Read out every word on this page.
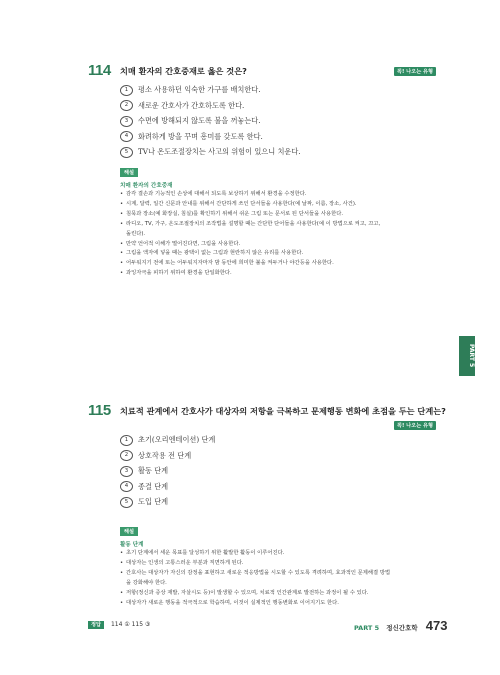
114 치매 환자의 간호중재로 옳은 것은?	꼭! 나오는 유형
1 평소 사용하던 익숙한 가구를 배치한다.
2 새로운 간호사가 간호하도록 한다.
3 수면에 방해되지 않도록 불을 꺼놓는다.
4 화려하게 방을 꾸며 흥미를 갖도록 한다.
5 TV나 온도조절장치는 사고의 위험이 있으니 치운다.
해설
치매 환자의 간호중재
• 감각 결손과 기능적인 손상에 대해서 되도록 보상하기 위해서 환경을 수정한다.
• 시계, 달력, 일간 신문과 안내를 위해서 간단하게 쓰인 단서들을 사용한다(예 날짜, 이름, 장소, 사건).
• 침묵과 장소(예 화장실, 침실)를 확인하기 위해서 쉬운 그림 또는 문서로 된 단서들을 사용한다.
• 라디오, TV, 가구, 온도조절장치의 조작법을 설명할 때는 간단한 단어들을 사용한다(예 이 방법으로 켜고, 끄고,
돌린다).
• 만약 언어적 이해가 떨어진다면, 그림을 사용한다.
• 그림을 액자에 넣을 때는 광택이 없는 그림과 현란하지 않은 유리를 사용한다.
• 어두워지기 전에 또는 어두워지자마자 밤 동안에 희미한 불을 켜두거나 야간등을 사용한다.
• 과잉자극을 피하기 위하여 환경을 단일화한다.
PART 5
115 치료적 관계에서 간호사가 대상자의 저항을 극복하고 문제행동 변화에 초점을 두는 단계는?
꼭! 나오는 유형
1 초기(오리엔테이션) 단계
2 상호작용 전 단계
3 활동 단계
4 종결 단계
5 도입 단계
해설
활동 단계
• 초기 단계에서 세운 목표를 달성하기 위한 활발한 활동이 이루어진다.
• 대상자는 인생의 고통스러운 부분과 직면하게 된다.
• 간호사는 대상자가 자신의 감정을 표현하고 새로운 적응방법을 시도할 수 있도록 격려하며, 효과적인 문제해결 방법
을 강화해야 한다.
• 저항(정신과 증상 재발, 자살시도 등)이 발생할 수 있으며, 치료적 인간관계로 발전하는 과정이 될 수 있다.
• 대상자가 새로운 행동을 적극적으로 학습하며, 이것이 실제적인 행동변화로 이어지기도 한다.
정답 114 ① 115 ③	PART 5 정신간호학 473
